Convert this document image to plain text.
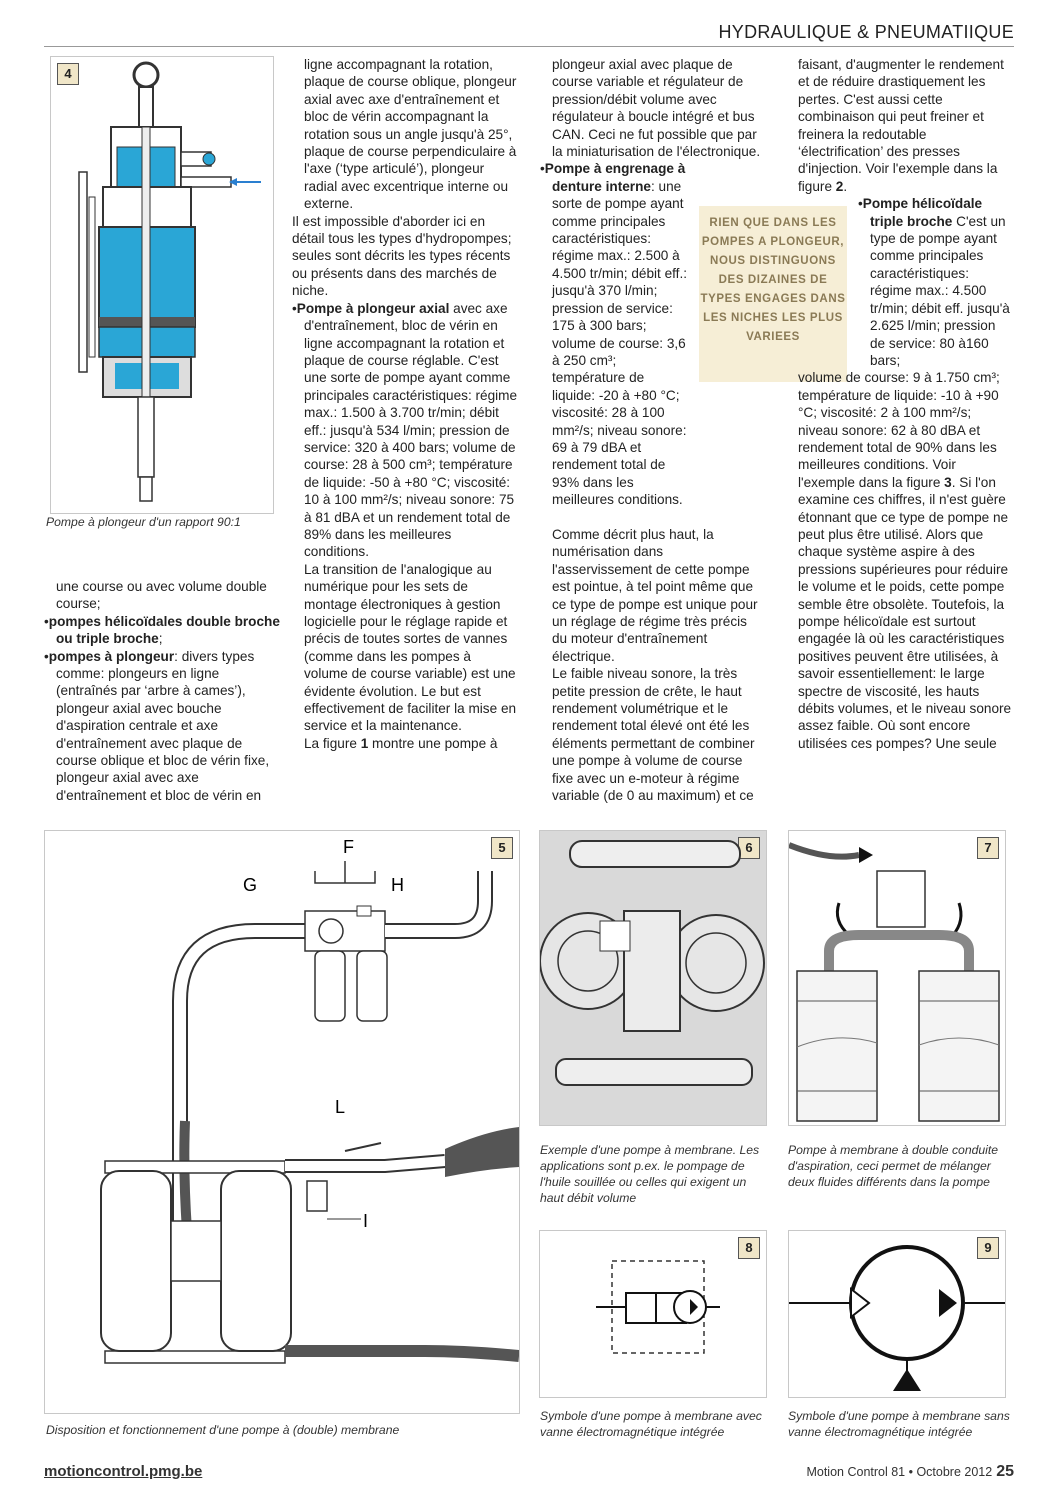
HYDRAULIQUE & PNEUMATIIQUE
4
Pompe à plongeur d'un rapport 90:1

une course ou avec volume double course;

•pompes hélicoïdales double broche ou triple broche;

•pompes à plongeur: divers types comme: plongeurs en ligne (entraînés par ‘arbre à cames’), plongeur axial avec bouche d'aspiration centrale et axe d'entraînement avec plaque de course oblique et bloc de vérin fixe, plongeur axial avec axe d'entraînement et bloc de vérin en

ligne accompagnant la rotation, plaque de course oblique, plongeur axial avec axe d'entraînement et bloc de vérin accompagnant la rotation sous un angle jusqu'à 25°, plaque de course perpendiculaire à l'axe (‘type articulé’), plongeur radial avec excentrique interne ou externe.

Il est impossible d'aborder ici en détail tous les types d'hydropompes; seules sont décrits les types récents ou présents dans des marchés de niche.

•Pompe à plongeur axial avec axe d'entraînement, bloc de vérin en ligne accompagnant la rotation et plaque de course réglable. C'est une sorte de pompe ayant comme principales caractéristiques: régime max.: 1.500 à 3.700 tr/min; débit eff.: jusqu'à 534 l/min; pression de service: 320 à 400 bars; volume de course: 28 à 500 cm³; température de liquide: -50 à +80 °C; viscosité: 10 à 100 mm²/s; niveau sonore: 75 à 81 dBA et un rendement total de 89% dans les meilleures conditions.

La transition de l'analogique au numérique pour les sets de montage électroniques à gestion logicielle pour le réglage rapide et précis de toutes sortes de vannes (comme dans les pompes à volume de course variable) est une évidente évolution. Le but est effectivement de faciliter la mise en service et la maintenance.

La figure 1 montre une pompe à

plongeur axial avec plaque de course variable et régulateur de pression/débit volume avec régulateur à boucle intégré et bus CAN. Ceci ne fut possible que par la miniaturisation de l'électronique.

•Pompe à engrenage à denture interne: une sorte de pompe ayant comme principales caractéristiques: régime max.: 2.500 à 4.500 tr/min; débit eff.: jusqu'à 370 l/min; pression de service: 175 à 300 bars; volume de course: 3,6 à 250 cm³; température de liquide: -20 à +80 °C; viscosité: 28 à 100 mm²/s; niveau sonore: 69 à 79 dBA et rendement total de 93% dans les meilleures conditions.

RIEN QUE DANS LES POMPES A PLONGEUR, NOUS DISTINGUONS DES DIZAINES DE TYPES ENGAGES DANS LES NICHES LES PLUS VARIEES

Comme décrit plus haut, la numérisation dans l'asservissement de cette pompe est pointue, à tel point même que ce type de pompe est unique pour un réglage de régime très précis du moteur d'entraînement électrique.

Le faible niveau sonore, la très petite pression de crête, le haut rendement volumétrique et le rendement total élevé ont été les éléments permettant de combiner une pompe à volume de course fixe avec un e-moteur à régime variable (de 0 au maximum) et ce

faisant, d'augmenter le rendement et de réduire drastiquement les pertes. C'est aussi cette combinaison qui peut freiner et freinera la redoutable ‘électrification’ des presses d'injection. Voir l'exemple dans la figure 2.

•Pompe hélicoïdale triple broche C'est un type de pompe ayant comme principales caractéristiques: régime max.: 4.500 tr/min; débit eff. jusqu'à 2.625 l/min; pression de service: 80 à160 bars;

volume de course: 9 à 1.750 cm³; température de liquide: -10 à +90 °C; viscosité: 2 à 100 mm²/s; niveau sonore: 62 à 80 dBA et rendement total de 90% dans les meilleures conditions. Voir l'exemple dans la figure 3. Si l'on examine ces chiffres, il n'est guère étonnant que ce type de pompe ne peut plus être utilisé. Alors que chaque système aspire à des pressions supérieures pour réduire le volume et le poids, cette pompe semble être obsolète. Toutefois, la pompe hélicoïdale est surtout engagée là où les caractéristiques positives peuvent être utilisées, à savoir essentiellement: le large spectre de viscosité, les hauts débits volumes, et le niveau sonore assez faible. Où sont encore utilisées ces pompes? Une seule

5
F
G	H
L
I
Disposition et fonctionnement d'une pompe à (double) membrane
6
Exemple d'une pompe à membrane. Les applications sont p.ex. le pompage de l'huile souillée ou celles qui exigent un haut débit volume
7
Pompe à membrane à double conduite d'aspiration, ceci permet de mélanger deux fluides différents dans la pompe
8
Symbole d'une pompe à membrane avec vanne électromagnétique intégrée
9
Symbole d'une pompe à membrane sans vanne électromagnétique intégrée
motioncontrol.pmg.be	Motion Control 81 • Octobre 2012 25
